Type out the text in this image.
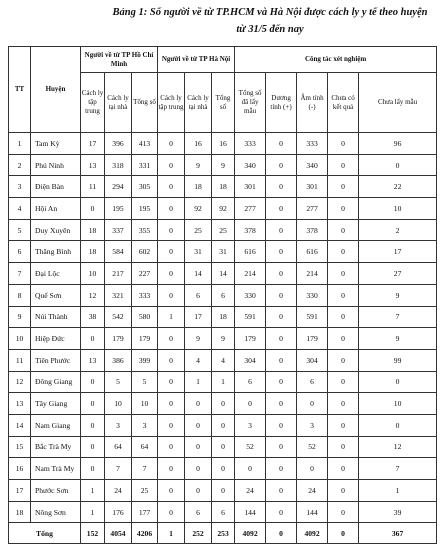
Bảng 1: Số người về từ TP.HCM và Hà Nội được cách ly y tế theo huyện
từ 31/5 đến nay
TT	Huyện	Người về từ TP Hồ Chí Minh			Người về từ TP Hà Nội			Công tác xét nghiệm				
		Cách ly tập trung	Cách ly tại nhà	Tổng số	Cách ly tập trung	Cách ly tại nhà	Tổng số	Tổng số đã lấy mẫu	Dương tính (+)	Âm tính (-)	Chưa có kết quả	Chưa lấy mẫu
1	Tam Kỳ	17	396	413	0	16	16	333	0	333	0	96
2	Phú Ninh	13	318	331	0	9	9	340	0	340	0	0
3	Điện Bàn	11	294	305	0	18	18	301	0	301	0	22
4	Hội An	0	195	195	0	92	92	277	0	277	0	10
5	Duy Xuyên	18	337	355	0	25	25	378	0	378	0	2
6	Thăng Bình	18	584	602	0	31	31	616	0	616	0	17
7	Đại Lộc	10	217	227	0	14	14	214	0	214	0	27
8	Quế Sơn	12	321	333	0	6	6	330	0	330	0	9
9	Núi Thành	38	542	580	1	17	18	591	0	591	0	7
10	Hiệp Đức	0	179	179	0	9	9	179	0	179	0	9
11	Tiên Phước	13	386	399	0	4	4	304	0	304	0	99
12	Đông Giang	0	5	5	0	1	1	6	0	6	0	0
13	Tây Giang	0	10	10	0	0	0	0	0	0	0	10
14	Nam Giang	0	3	3	0	0	0	3	0	3	0	0
15	Bắc Trà My	0	64	64	0	0	0	52	0	52	0	12
16	Nam Trà My	0	7	7	0	0	0	0	0	0	0	7
17	Phước Sơn	1	24	25	0	0	0	24	0	24	0	1
18	Nông Sơn	1	176	177	0	6	6	144	0	144	0	39
Tổng		152	4054	4206	1	252	253	4092	0	4092	0	367
